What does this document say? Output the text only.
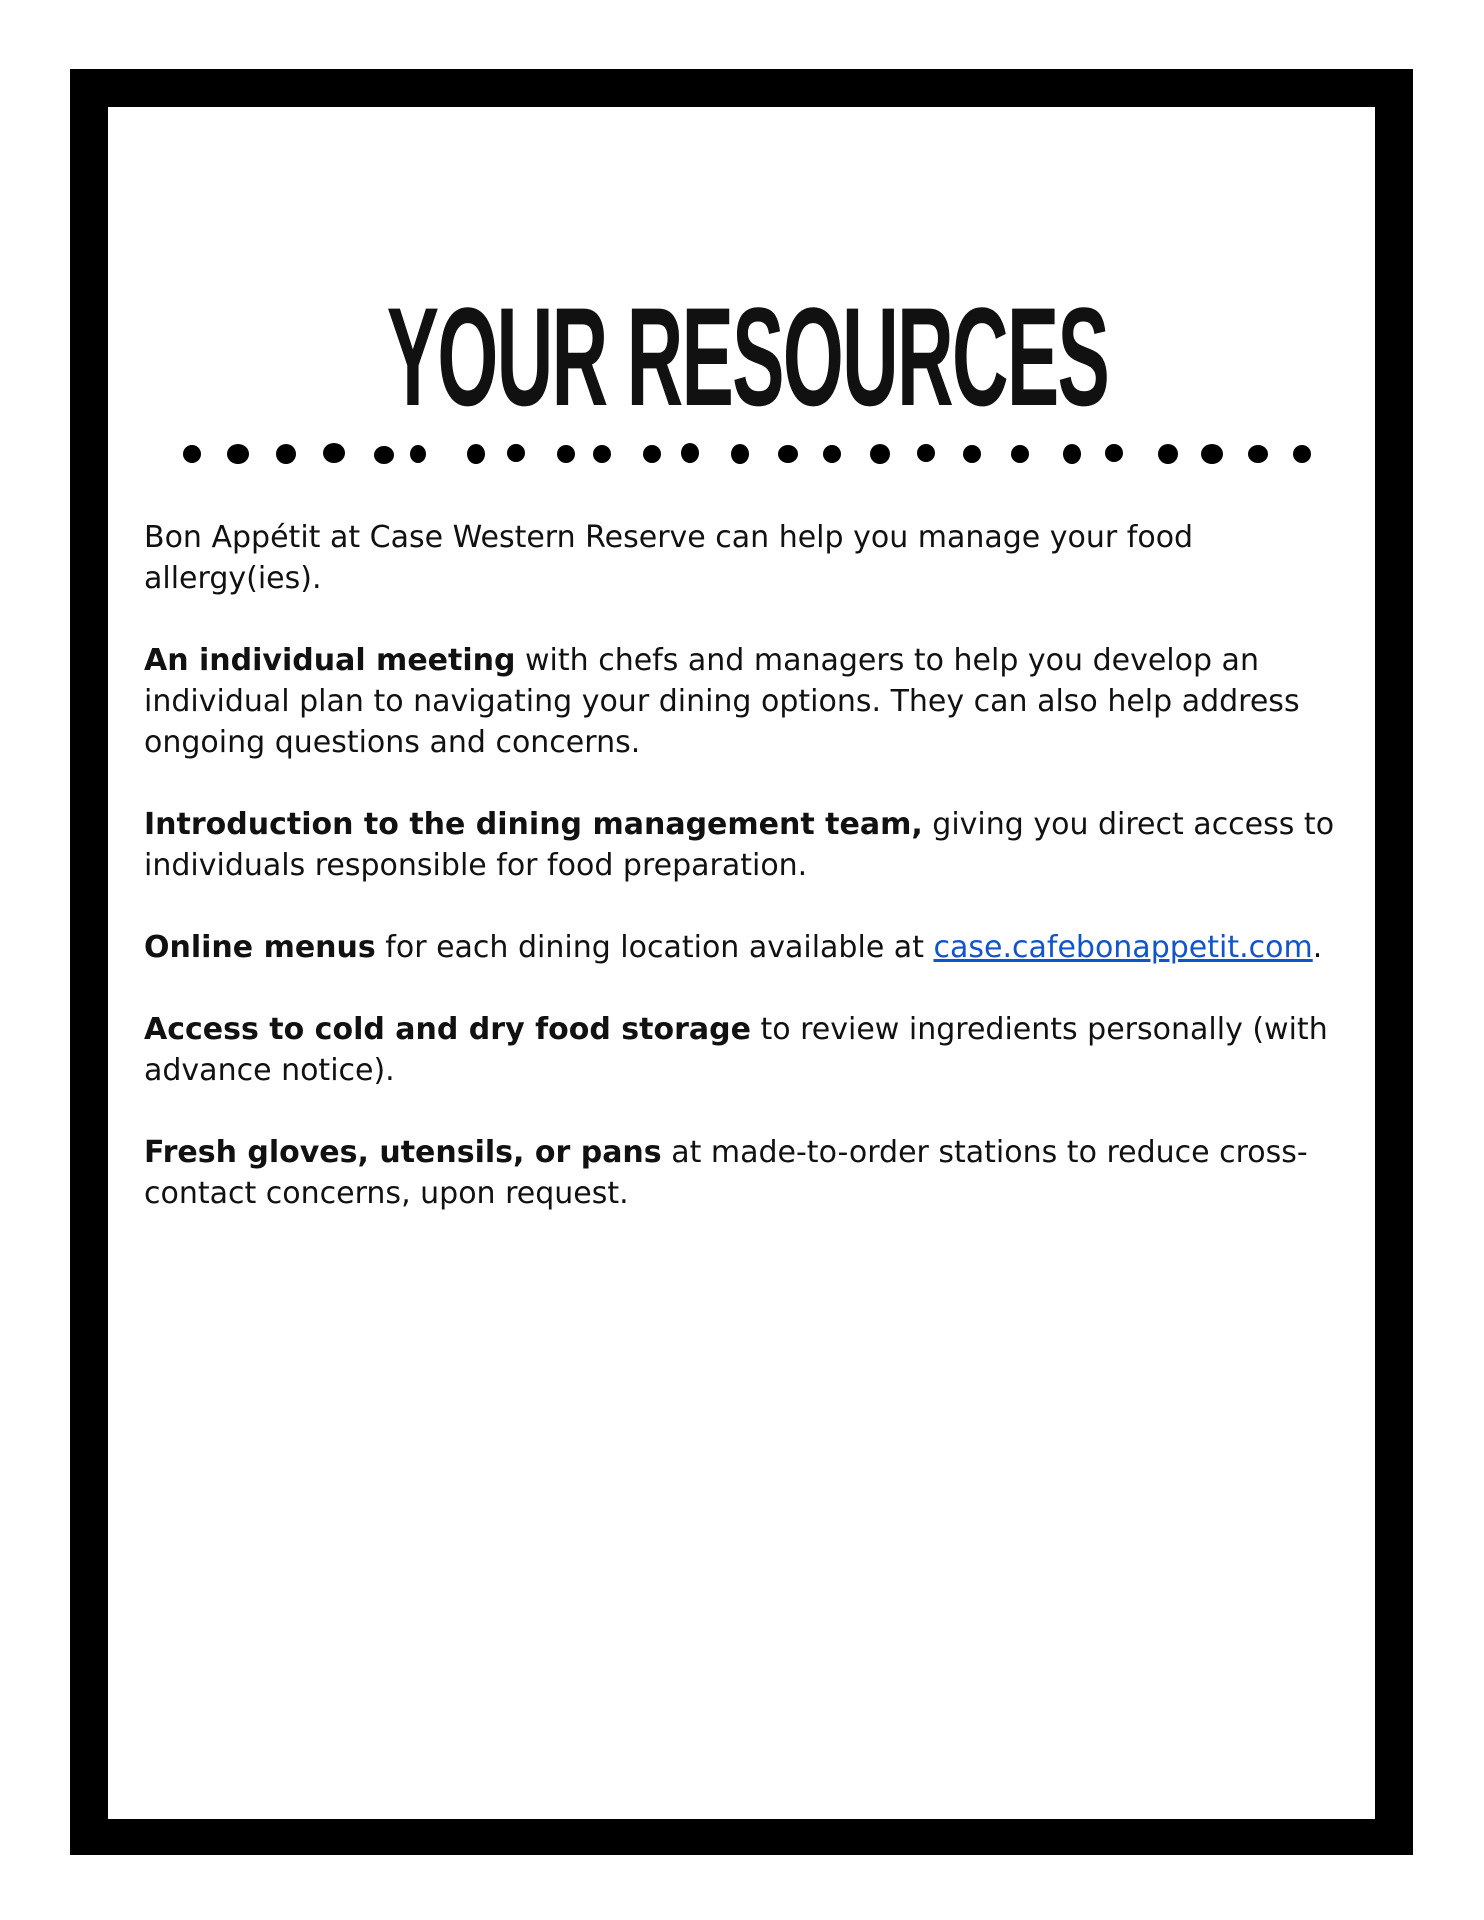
YOUR RESOURCES

Bon Appétit at Case Western Reserve can help you manage your food allergy(ies).

An individual meeting with chefs and managers to help you develop an individual plan to navigating your dining options. They can also help address ongoing questions and concerns.

Introduction to the dining management team, giving you direct access to individuals responsible for food preparation.

Online menus for each dining location available at case.cafebonappetit.com.

Access to cold and dry food storage to review ingredients personally (with advance notice).

Fresh gloves, utensils, or pans at made-to-order stations to reduce cross-contact concerns, upon request.
